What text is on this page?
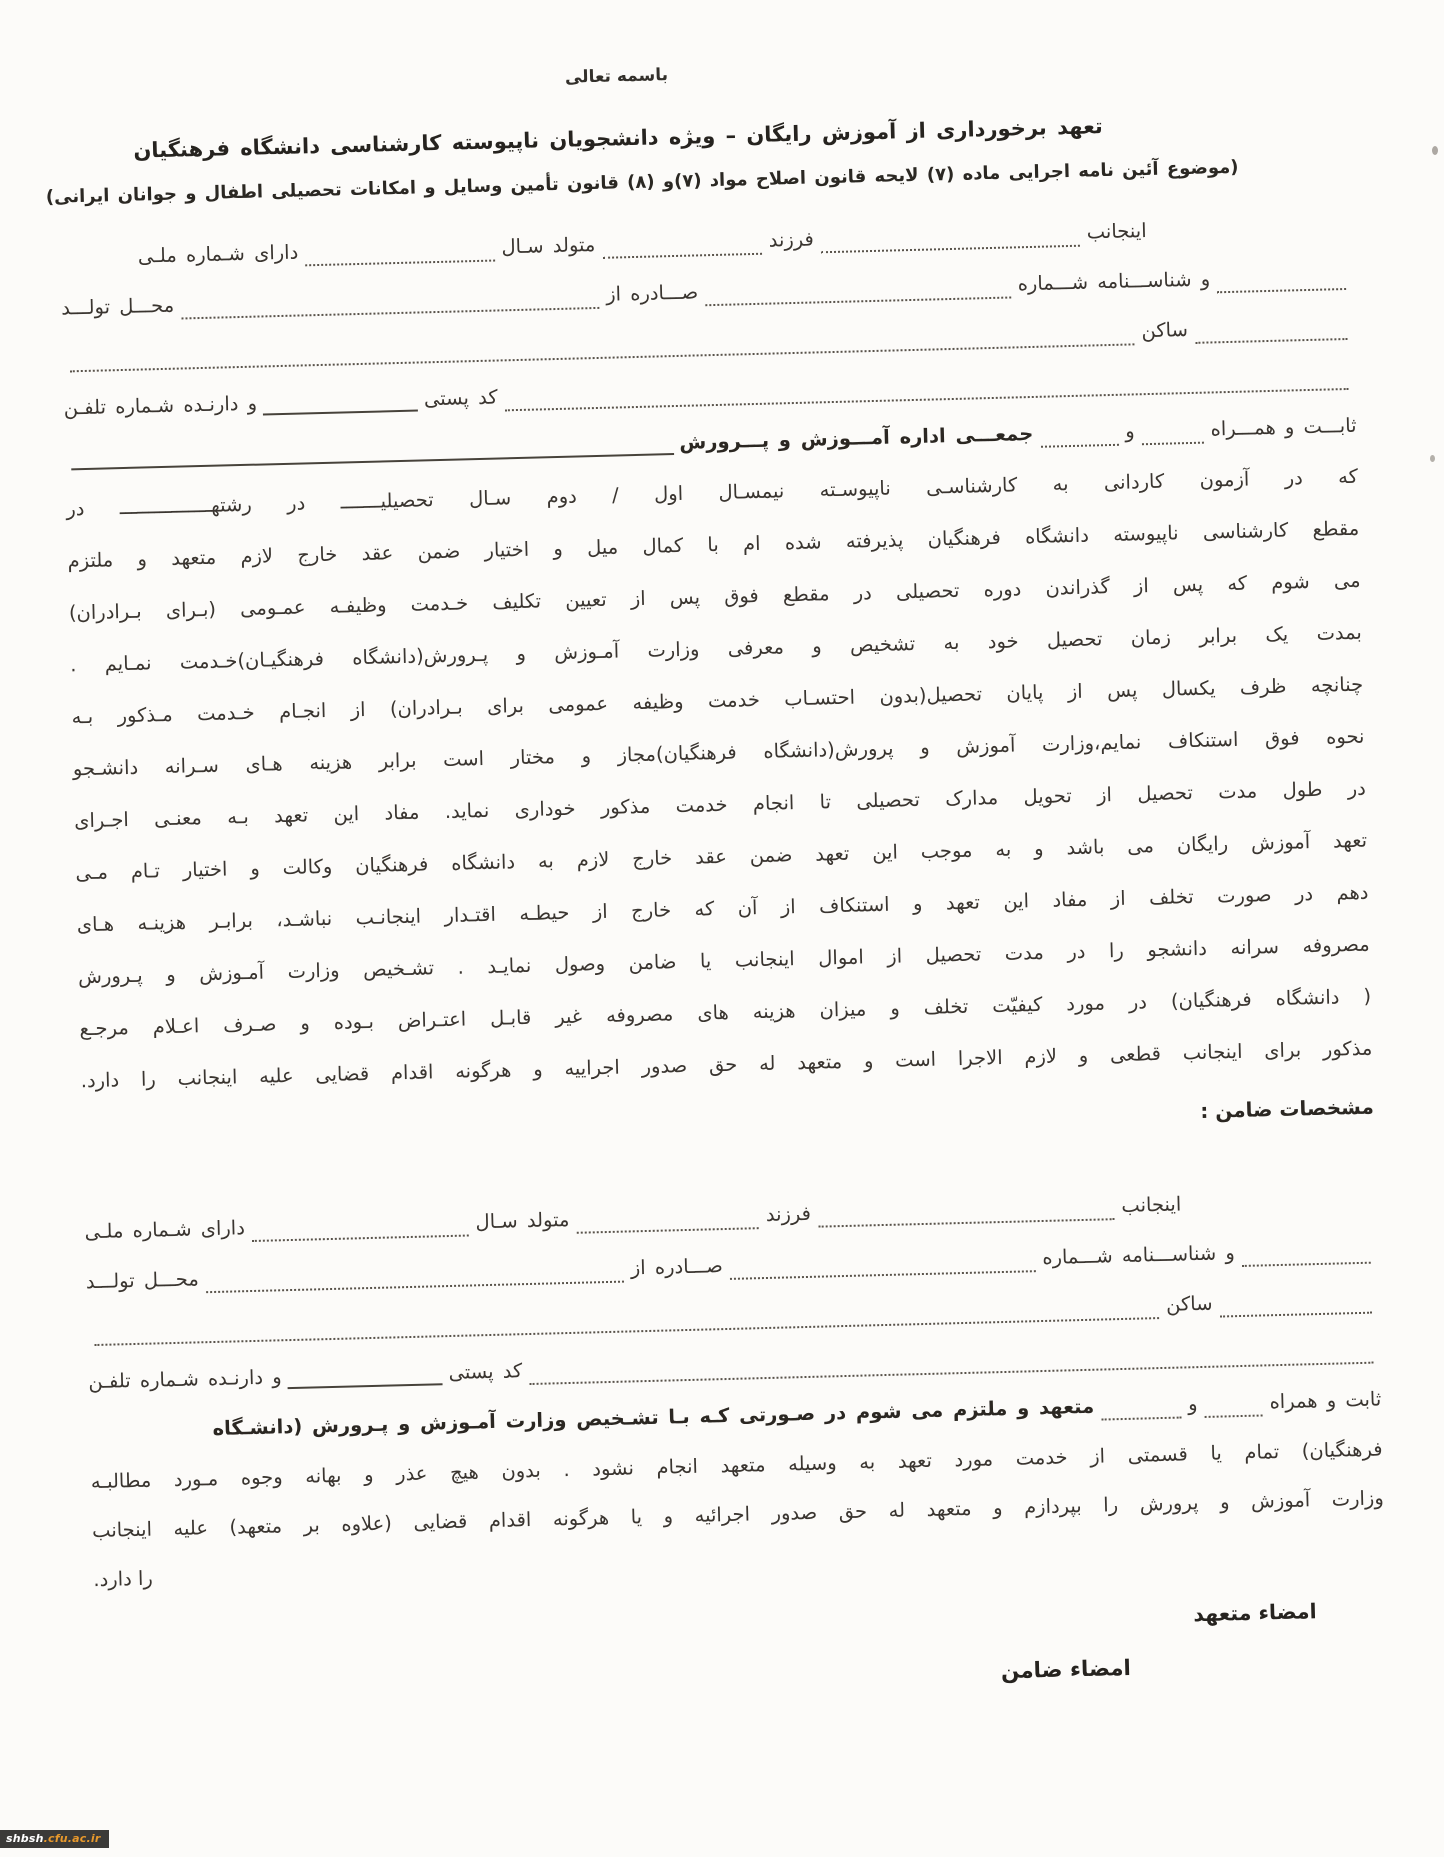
باسمه تعالی
تعهد برخورداری از آموزش رایگان – ویژه دانشجویان ناپیوسته کارشناسی دانشگاه فرهنگیان
(موضوع آئین نامه اجرایی ماده (۷) لایحه قانون اصلاح مواد (۷)و (۸) قانون تأمین وسایل و امکانات تحصیلی اطفال و جوانان ایرانی)
اینجانب
فرزند
متولد سـال
دارای شـماره ملـی
و شناســـنامه شـــماره
صـــادره از
محـــل تولـــد
ساکن
کد پستی
و دارنـده شـماره تلفـن
ثابـــت و همـــراه
و
جمعـــی اداره آمـــوزش و پـــرورش

که در آزمون کاردانی به کارشناسـی ناپیوسـته نیمسـال اول / دوم سـال تحصیلیـــــــ در رشتهــــــــــــــــ در

مقطع کارشناسی ناپیوسته دانشگاه فرهنگیان پذیرفته شده ام با کمال میل و اختیار ضمن عقد خارج لازم متعهد و ملتزم

می شوم که پس از گذراندن دوره تحصیلی در مقطع فوق پس از تعیین تکلیف خـدمت وظیفـه عمـومی (بـرای بـرادران)

بمدت یک برابر زمان تحصیل خود به تشخیص و معرفی وزارت آمـوزش و پـرورش(دانشگاه فرهنگیـان)خـدمت نمـایم .

چنانچه ظرف یکسال پس از پایان تحصیل(بدون احتسـاب خدمت وظیفه عمومی برای بـرادران) از انجـام خـدمت مـذکور بـه

نحوه فوق استنکاف نمایم،وزارت آموزش و پرورش(دانشگاه فرهنگیان)مجاز و مختار است برابر هزینه هـای سـرانه دانشـجو

در طول مدت تحصیل از تحویل مدارک تحصیلی تا انجام خدمت مذکور خوداری نماید. مفاد این تعهد بـه معنـی اجـرای

تعهد آموزش رایگان می باشد و به موجب این تعهد ضمن عقد خارج لازم به دانشگاه فرهنگیان وکالت و اختیار تـام مـی

دهم در صورت تخلف از مفاد این تعهد و استنکاف از آن که خارج از حیطـه اقتـدار اینجانـب نباشـد، برابـر هزینـه هـای

مصروفه سرانه دانشجو را در مدت تحصیل از اموال اینجانب یا ضامن وصول نمایـد . تشـخیص وزارت آمـوزش و پـرورش

( دانشگاه فرهنگیان) در مورد کیفیّت تخلف و میزان هزینه های مصروفه غیر قابـل اعتـراض بـوده و صـرف اعـلام مرجـع

مذکور برای اینجانب قطعی و لازم الاجرا است و متعهد له حق صدور اجراییه و هرگونه اقدام قضایی علیه اینجانب را دارد.

مشخصات ضامن :
اینجانب
فرزند
متولد سـال
دارای شـماره ملـی
و شناســـنامه شـــماره
صـــادره از
محـــل تولـــد
ساکن
کد پستی
و دارنـده شـماره تلفـن
ثابت و همراه
و
متعهد و ملتزم می شوم در صـورتی کـه بـا تشـخیص وزارت آمـوزش و پـرورش (دانشـگاه

فرهنگیان) تمام یا قسمتی از خدمت مورد تعهد به وسیله متعهد انجام نشود . بدون هیچ عذر و بهانه وجوه مـورد مطالبـه

وزارت آموزش و پرورش را بپردازم و متعهد له حق صدور اجرائیه و یا هرگونه اقدام قضایی (علاوه بر متعهد) علیه اینجانب

را دارد.

امضاء متعهد
امضاء ضامن
shbsh.cfu.ac.ir
